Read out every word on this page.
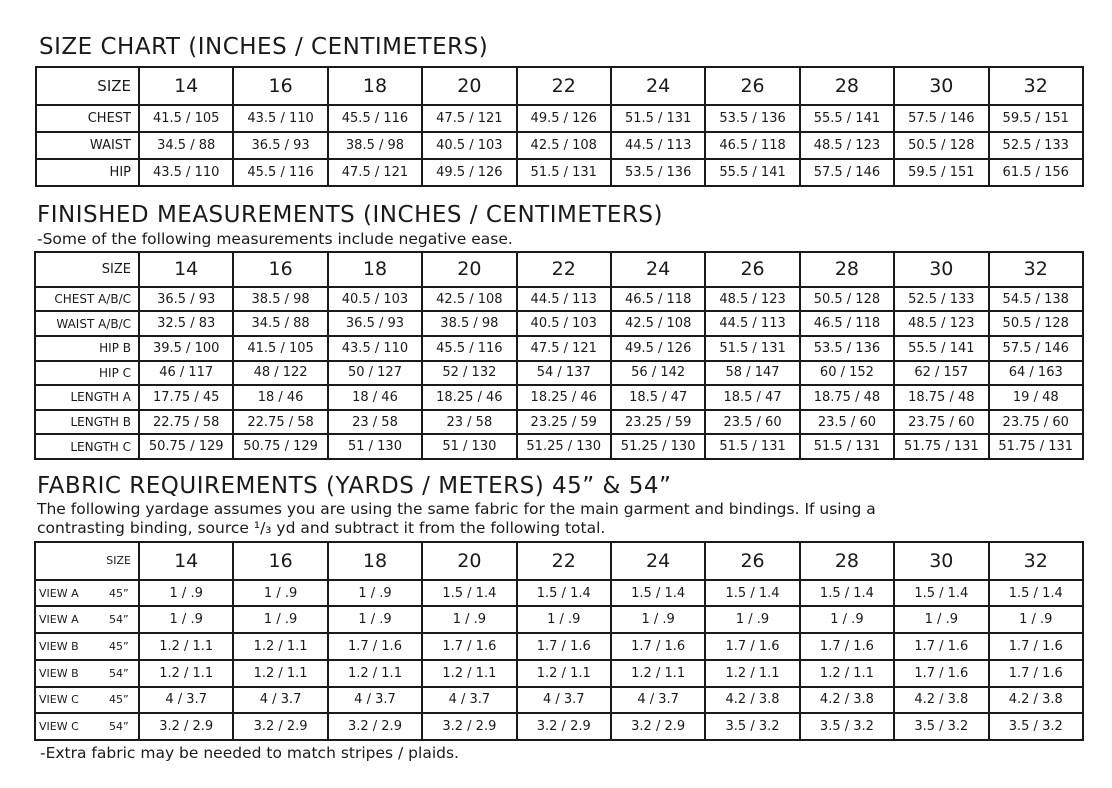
SIZE CHART (INCHES / CENTIMETERS)
SIZE	14	16	18	20	22	24	26	28	30	32
CHEST	41.5 / 105	43.5 / 110	45.5 / 116	47.5 / 121	49.5 / 126	51.5 / 131	53.5 / 136	55.5 / 141	57.5 / 146	59.5 / 151
WAIST	34.5 / 88	36.5 / 93	38.5 / 98	40.5 / 103	42.5 / 108	44.5 / 113	46.5 / 118	48.5 / 123	50.5 / 128	52.5 / 133
HIP	43.5 / 110	45.5 / 116	47.5 / 121	49.5 / 126	51.5 / 131	53.5 / 136	55.5 / 141	57.5 / 146	59.5 / 151	61.5 / 156
FINISHED MEASUREMENTS (INCHES / CENTIMETERS)
-Some of the following measurements include negative ease.
SIZE	14	16	18	20	22	24	26	28	30	32
CHEST A/B/C	36.5 / 93	38.5 / 98	40.5 / 103	42.5 / 108	44.5 / 113	46.5 / 118	48.5 / 123	50.5 / 128	52.5 / 133	54.5 / 138
WAIST A/B/C	32.5 / 83	34.5 / 88	36.5 / 93	38.5 / 98	40.5 / 103	42.5 / 108	44.5 / 113	46.5 / 118	48.5 / 123	50.5 / 128
HIP B	39.5 / 100	41.5 / 105	43.5 / 110	45.5 / 116	47.5 / 121	49.5 / 126	51.5 / 131	53.5 / 136	55.5 / 141	57.5 / 146
HIP C	46 / 117	48 / 122	50 / 127	52 / 132	54 / 137	56 / 142	58 / 147	60 / 152	62 / 157	64 / 163
LENGTH A	17.75 / 45	18 / 46	18 / 46	18.25 / 46	18.25 / 46	18.5 / 47	18.5 / 47	18.75 / 48	18.75 / 48	19 / 48
LENGTH B	22.75 / 58	22.75 / 58	23 / 58	23 / 58	23.25 / 59	23.25 / 59	23.5 / 60	23.5 / 60	23.75 / 60	23.75 / 60
LENGTH C	50.75 / 129	50.75 / 129	51 / 130	51 / 130	51.25 / 130	51.25 / 130	51.5 / 131	51.5 / 131	51.75 / 131	51.75 / 131
FABRIC REQUIREMENTS (YARDS / METERS) 45” & 54”
The following yardage assumes you are using the same fabric for the main garment and bindings. If using a
contrasting binding, source ¹/₃ yd and subtract it from the following total.
SIZE	14	16	18	20	22	24	26	28	30	32
VIEW A 45”	1 / .9	1 / .9	1 / .9	1.5 / 1.4	1.5 / 1.4	1.5 / 1.4	1.5 / 1.4	1.5 / 1.4	1.5 / 1.4	1.5 / 1.4
VIEW A 54”	1 / .9	1 / .9	1 / .9	1 / .9	1 / .9	1 / .9	1 / .9	1 / .9	1 / .9	1 / .9
VIEW B 45”	1.2 / 1.1	1.2 / 1.1	1.7 / 1.6	1.7 / 1.6	1.7 / 1.6	1.7 / 1.6	1.7 / 1.6	1.7 / 1.6	1.7 / 1.6	1.7 / 1.6
VIEW B 54”	1.2 / 1.1	1.2 / 1.1	1.2 / 1.1	1.2 / 1.1	1.2 / 1.1	1.2 / 1.1	1.2 / 1.1	1.2 / 1.1	1.7 / 1.6	1.7 / 1.6
VIEW C 45”	4 / 3.7	4 / 3.7	4 / 3.7	4 / 3.7	4 / 3.7	4 / 3.7	4.2 / 3.8	4.2 / 3.8	4.2 / 3.8	4.2 / 3.8
VIEW C 54”	3.2 / 2.9	3.2 / 2.9	3.2 / 2.9	3.2 / 2.9	3.2 / 2.9	3.2 / 2.9	3.5 / 3.2	3.5 / 3.2	3.5 / 3.2	3.5 / 3.2
-Extra fabric may be needed to match stripes / plaids.
